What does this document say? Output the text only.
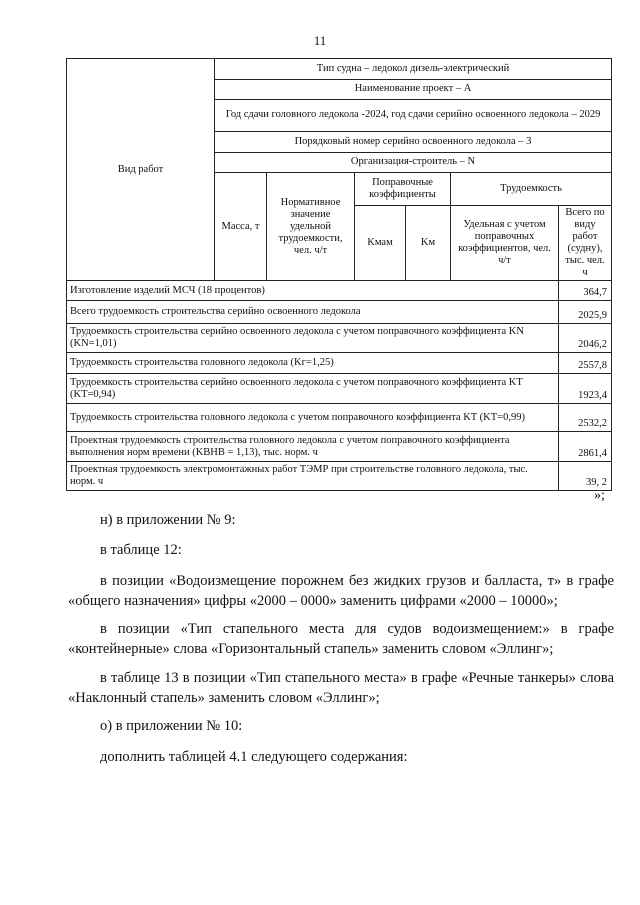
11
Вид работ	Тип судна – ледокол дизель-электрический					
	Наименование проект – А					
	Год сдачи головного ледокола -2024, год сдачи серийно освоенного ледокола – 2029					
	Порядковый номер серийно освоенного ледокола – 3					
	Организация-строитель – N					
	Масса, т	Нормативное значение удельной трудоемкости, чел. ч/т	Поправочные коэффициенты		Трудоемкость	
			Kмам	Kм	Удельная с учетом поправочных коэффициентов, чел. ч/т	Всего по виду работ (судну), тыс. чел. ч
Изготовление изделий МСЧ (18 процентов)						364,7
Всего трудоемкость строительства серийно освоенного ледокола						2025,9
Трудоемкость строительства серийно освоенного ледокола с учетом поправочного коэффициента KN (KN=1,01)						2046,2
Трудоемкость строительства головного ледокола (Kг=1,25)						2557,8
Трудоемкость строительства серийно освоенного ледокола с учетом поправочного коэффициента KT (KT=0,94)						1923,4
Трудоемкость строительства головного ледокола с учетом поправочного коэффициента KT (KT=0,99)						2532,2
Проектная трудоемкость строительства головного ледокола с учетом поправочного коэффициента выполнения норм времени (KВНВ = 1,13), тыс. норм. ч						2861,4
Проектная трудоемкость электромонтажных работ TЭМР при строительстве головного ледокола, тыс. норм. ч						39, 2
»;

н) в приложении № 9:

в таблице 12:

в позиции «Водоизмещение порожнем без жидких грузов и балласта, т» в графе «общего назначения» цифры «2000 – 0000» заменить цифрами «2000 – 10000»;

в позиции «Тип стапельного места для судов водоизмещением:» в графе «контейнерные» слова «Горизонтальный стапель» заменить словом «Эллинг»;

в таблице 13 в позиции «Тип стапельного места» в графе «Речные танкеры» слова «Наклонный стапель» заменить словом «Эллинг»;

о) в приложении № 10:

дополнить таблицей 4.1 следующего содержания:
